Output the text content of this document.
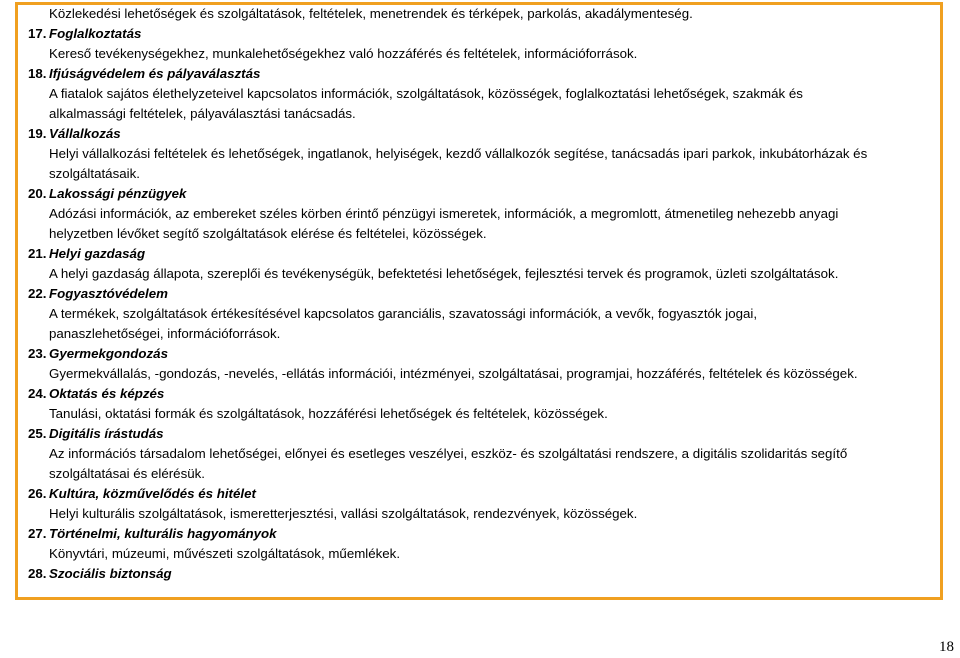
Közlekedési lehetőségek és szolgáltatások, feltételek, menetrendek és térképek, parkolás, akadálymenteség.

17. Foglalkoztatás
Kereső tevékenységekhez, munkalehetőségekhez való hozzáférés és feltételek, információforrások.
18. Ifjúságvédelem és pályaválasztás
A fiatalok sajátos élethelyzeteivel kapcsolatos információk, szolgáltatások, közösségek, foglalkoztatási lehetőségek, szakmák és
alkalmassági feltételek, pályaválasztási tanácsadás.
19. Vállalkozás
Helyi vállalkozási feltételek és lehetőségek, ingatlanok, helyiségek, kezdő vállalkozók segítése, tanácsadás ipari parkok, inkubátorházak és
szolgáltatásaik.
20. Lakossági pénzügyek
Adózási információk, az embereket széles körben érintő pénzügyi ismeretek, információk, a megromlott, átmenetileg nehezebb anyagi
helyzetben lévőket segítő szolgáltatások elérése és feltételei, közösségek.
21. Helyi gazdaság
A helyi gazdaság állapota, szereplői és tevékenységük, befektetési lehetőségek, fejlesztési tervek és programok, üzleti szolgáltatások.
22. Fogyasztóvédelem
A termékek, szolgáltatások értékesítésével kapcsolatos garanciális, szavatossági információk, a vevők, fogyasztók jogai,
panaszlehetőségei, információforrások.
23. Gyermekgondozás
Gyermekvállalás, -gondozás, -nevelés, -ellátás információi, intézményei, szolgáltatásai, programjai, hozzáférés, feltételek és közösségek.
24. Oktatás és képzés
Tanulási, oktatási formák és szolgáltatások, hozzáférési lehetőségek és feltételek, közösségek.
25. Digitális írástudás
Az információs társadalom lehetőségei, előnyei és esetleges veszélyei, eszköz- és szolgáltatási rendszere, a digitális szolidaritás segítő
szolgáltatásai és elérésük.
26. Kultúra, közművelődés és hitélet
Helyi kulturális szolgáltatások, ismeretterjesztési, vallási szolgáltatások, rendezvények, közösségek.
27. Történelmi, kulturális hagyományok
Könyvtári, múzeumi, művészeti szolgáltatások, műemlékek.
28. Szociális biztonság
18
